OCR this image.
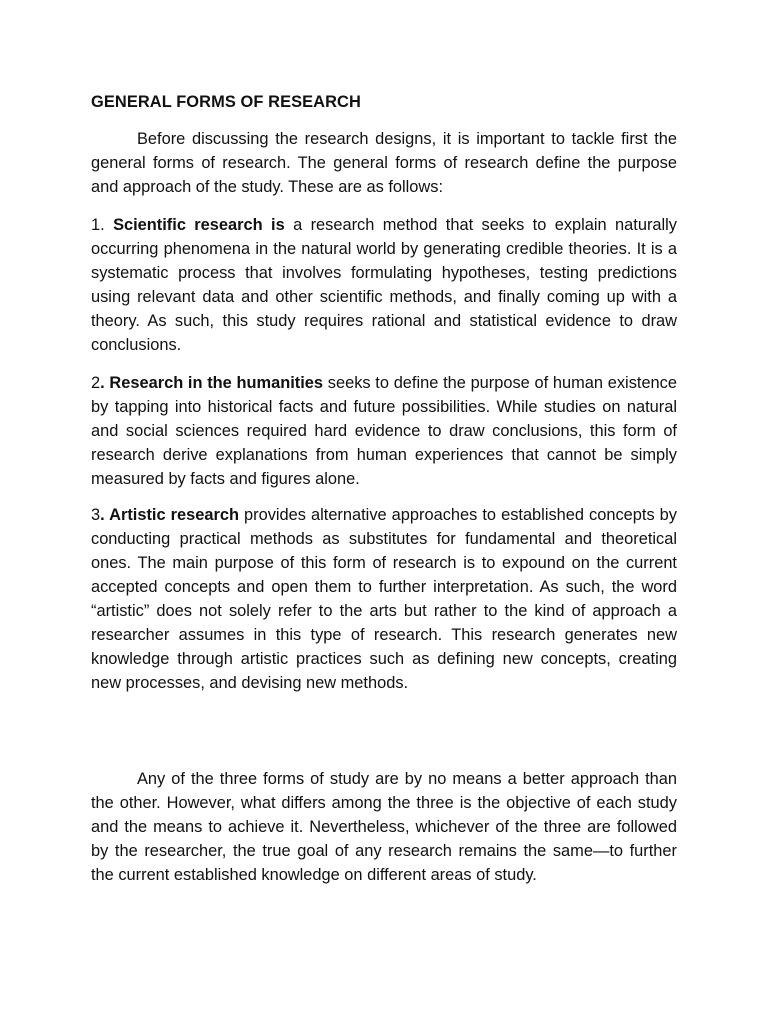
GENERAL FORMS OF RESEARCH

Before discussing the research designs, it is important to tackle first the general forms of research. The general forms of research define the purpose and approach of the study. These are as follows:

1. Scientific research is a research method that seeks to explain naturally occurring phenomena in the natural world by generating credible theories. It is a systematic process that involves formulating hypotheses, testing predictions using relevant data and other scientific methods, and finally coming up with a theory. As such, this study requires rational and statistical evidence to draw conclusions.

2. Research in the humanities seeks to define the purpose of human existence by tapping into historical facts and future possibilities. While studies on natural and social sciences required hard evidence to draw conclusions, this form of research derive explanations from human experiences that cannot be simply measured by facts and figures alone.

3. Artistic research provides alternative approaches to established concepts by conducting practical methods as substitutes for fundamental and theoretical ones. The main purpose of this form of research is to expound on the current accepted concepts and open them to further interpretation. As such, the word “artistic” does not solely refer to the arts but rather to the kind of approach a researcher assumes in this type of research. This research generates new knowledge through artistic practices such as defining new concepts, creating new processes, and devising new methods.

Any of the three forms of study are by no means a better approach than the other. However, what differs among the three is the objective of each study and the means to achieve it. Nevertheless, whichever of the three are followed by the researcher, the true goal of any research remains the same—to further the current established knowledge on different areas of study.
